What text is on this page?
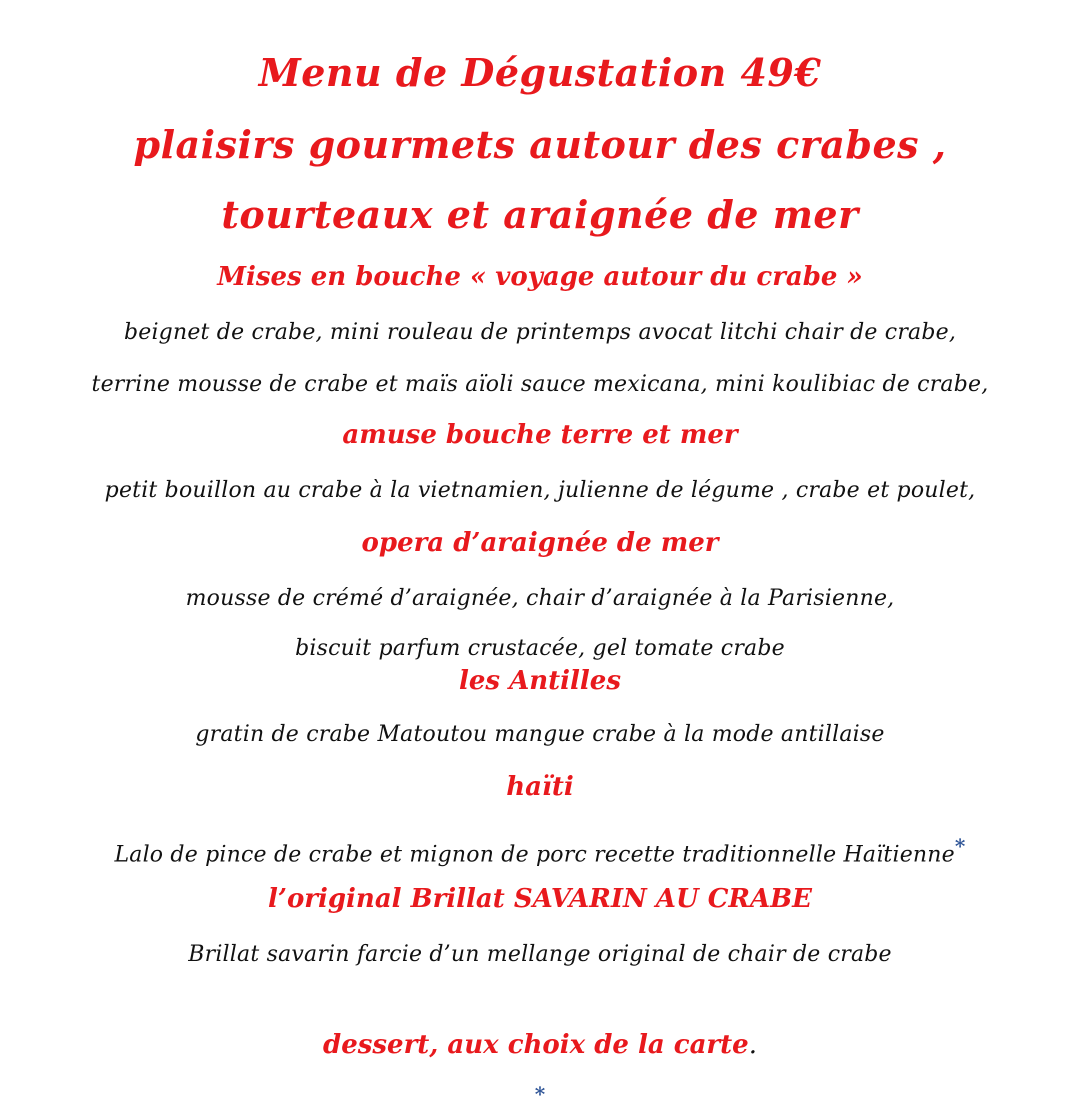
Menu de Dégustation 49€

plaisirs gourmets autour des crabes ,

tourteaux et araignée de mer

Mises en bouche « voyage autour du crabe »

beignet de crabe, mini rouleau de printemps avocat litchi chair de crabe,

terrine mousse de crabe et maïs aïoli sauce mexicana, mini koulibiac de crabe,

amuse bouche terre et mer

petit bouillon au crabe à la vietnamien, julienne de légume , crabe et poulet,

opera d’araignée de mer

mousse de crémé d’araignée, chair d’araignée à la Parisienne,

biscuit parfum crustacée, gel tomate crabe

les Antilles

gratin de crabe Matoutou mangue crabe à la mode antillaise

haïti

Lalo de pince de crabe et mignon de porc recette traditionnelle Haïtienne*

l’original Brillat SAVARIN AU CRABE

Brillat savarin farcie d’un mellange original de chair de crabe

dessert, aux choix de la carte.

*
